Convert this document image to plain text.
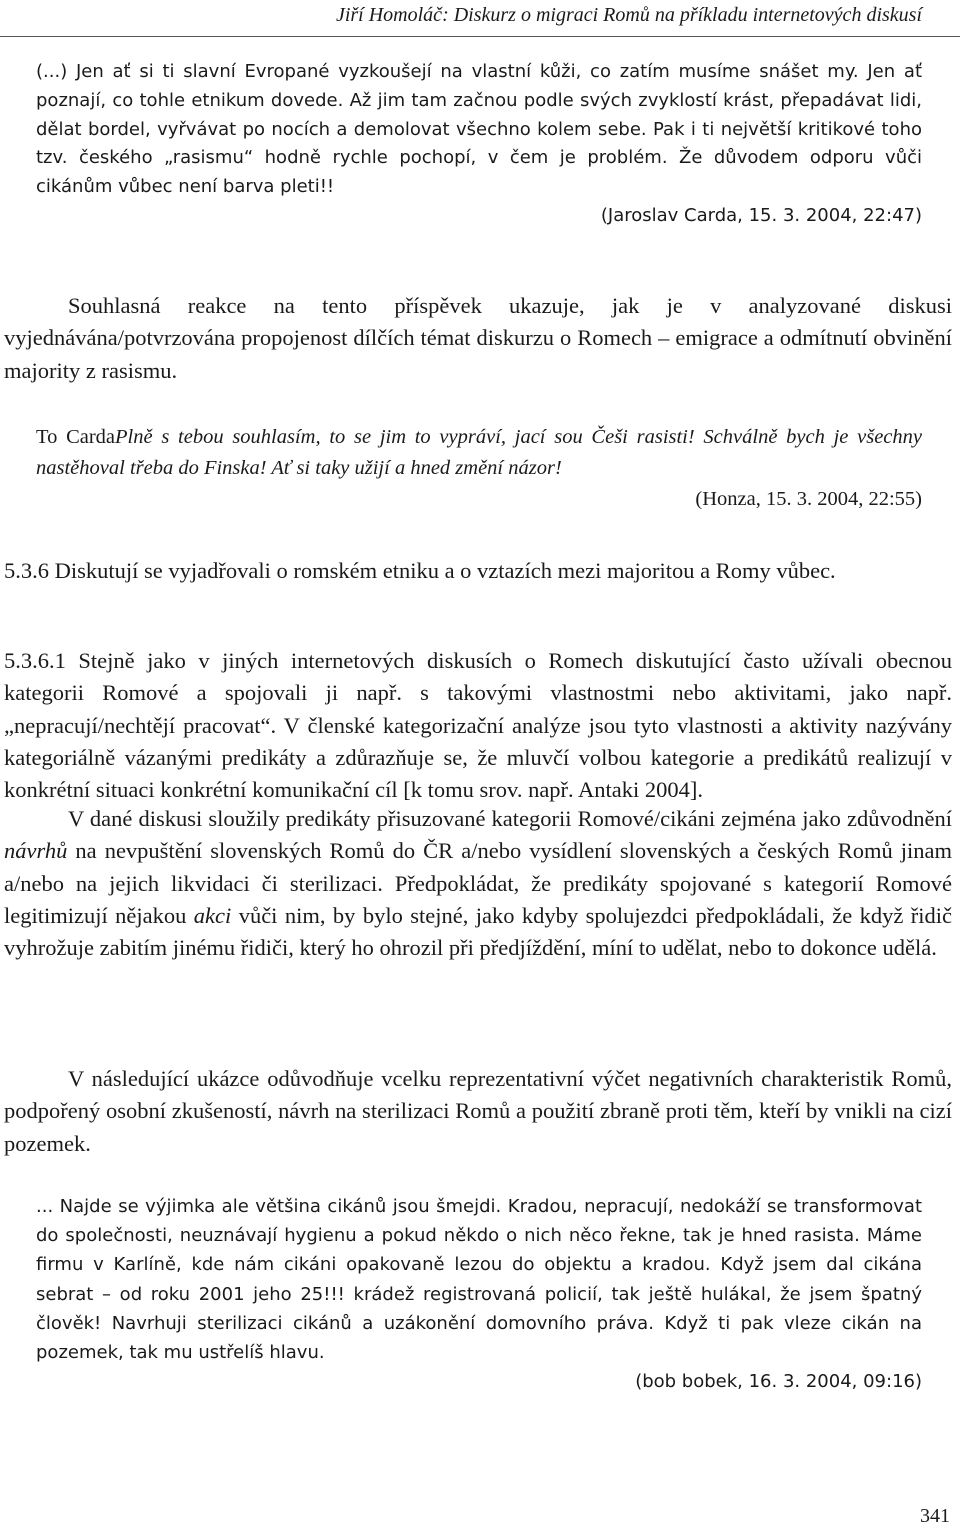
Jiří Homoláč: Diskurz o migraci Romů na příkladu internetových diskusí

(...) Jen ať si ti slavní Evropané vyzkoušejí na vlastní kůži, co zatím musíme snášet my. Jen ať poznají, co tohle etnikum dovede. Až jim tam začnou podle svých zvyklostí krást, přepadávat lidi, dělat bordel, vyřvávat po nocích a demolovat všechno kolem sebe. Pak i ti největší kritikové toho tzv. českého „rasismu“ hodně rychle pochopí, v čem je problém. Že důvodem odporu vůči cikánům vůbec není barva pleti!!

(Jaroslav Carda, 15. 3. 2004, 22:47)

Souhlasná reakce na tento příspěvek ukazuje, jak je v analyzované diskusi vyjednávána/potvrzována propojenost dílčích témat diskurzu o Romech – emigrace a odmítnutí obvinění majority z rasismu.

To CardaPlně s tebou souhlasím, to se jim to vypráví, jací sou Češi rasisti! Schválně bych je všechny nastěhoval třeba do Finska! Ať si taky užijí a hned změní názor!

(Honza, 15. 3. 2004, 22:55)

5.3.6 Diskutují se vyjadřovali o romském etniku a o vztazích mezi majoritou a Romy vůbec.

5.3.6.1 Stejně jako v jiných internetových diskusích o Romech diskutující často užívali obecnou kategorii Romové a spojovali ji např. s takovými vlastnostmi nebo aktivitami, jako např. „nepracují/nechtějí pracovat“. V členské kategorizační analýze jsou tyto vlastnosti a aktivity nazývány kategoriálně vázanými predikáty a zdůrazňuje se, že mluvčí volbou kategorie a predikátů realizují v konkrétní situaci konkrétní komunikační cíl [k tomu srov. např. Antaki 2004].

V dané diskusi sloužily predikáty přisuzované kategorii Romové/cikáni zejména jako zdůvodnění návrhů na nevpuštění slovenských Romů do ČR a/nebo vysídlení slovenských a českých Romů jinam a/nebo na jejich likvidaci či sterilizaci. Předpokládat, že predikáty spojované s kategorií Romové legitimizují nějakou akci vůči nim, by bylo stejné, jako kdyby spolujezdci předpokládali, že když řidič vyhrožuje zabitím jinému řidiči, který ho ohrozil při předjíždění, míní to udělat, nebo to dokonce udělá.

V následující ukázce odůvodňuje vcelku reprezentativní výčet negativních charakteristik Romů, podpořený osobní zkušeností, návrh na sterilizaci Romů a použití zbraně proti těm, kteří by vnikli na cizí pozemek.

... Najde se výjimka ale většina cikánů jsou šmejdi. Kradou, nepracují, nedokáží se transformovat do společnosti, neuznávají hygienu a pokud někdo o nich něco řekne, tak je hned rasista. Máme firmu v Karlíně, kde nám cikáni opakovaně lezou do objektu a kradou. Když jsem dal cikána sebrat – od roku 2001 jeho 25!!! krádež registrovaná policií, tak ještě hulákal, že jsem špatný člověk! Navrhuji sterilizaci cikánů a uzákonění domovního práva. Když ti pak vleze cikán na pozemek, tak mu ustřelíš hlavu.

(bob bobek, 16. 3. 2004, 09:16)
341
